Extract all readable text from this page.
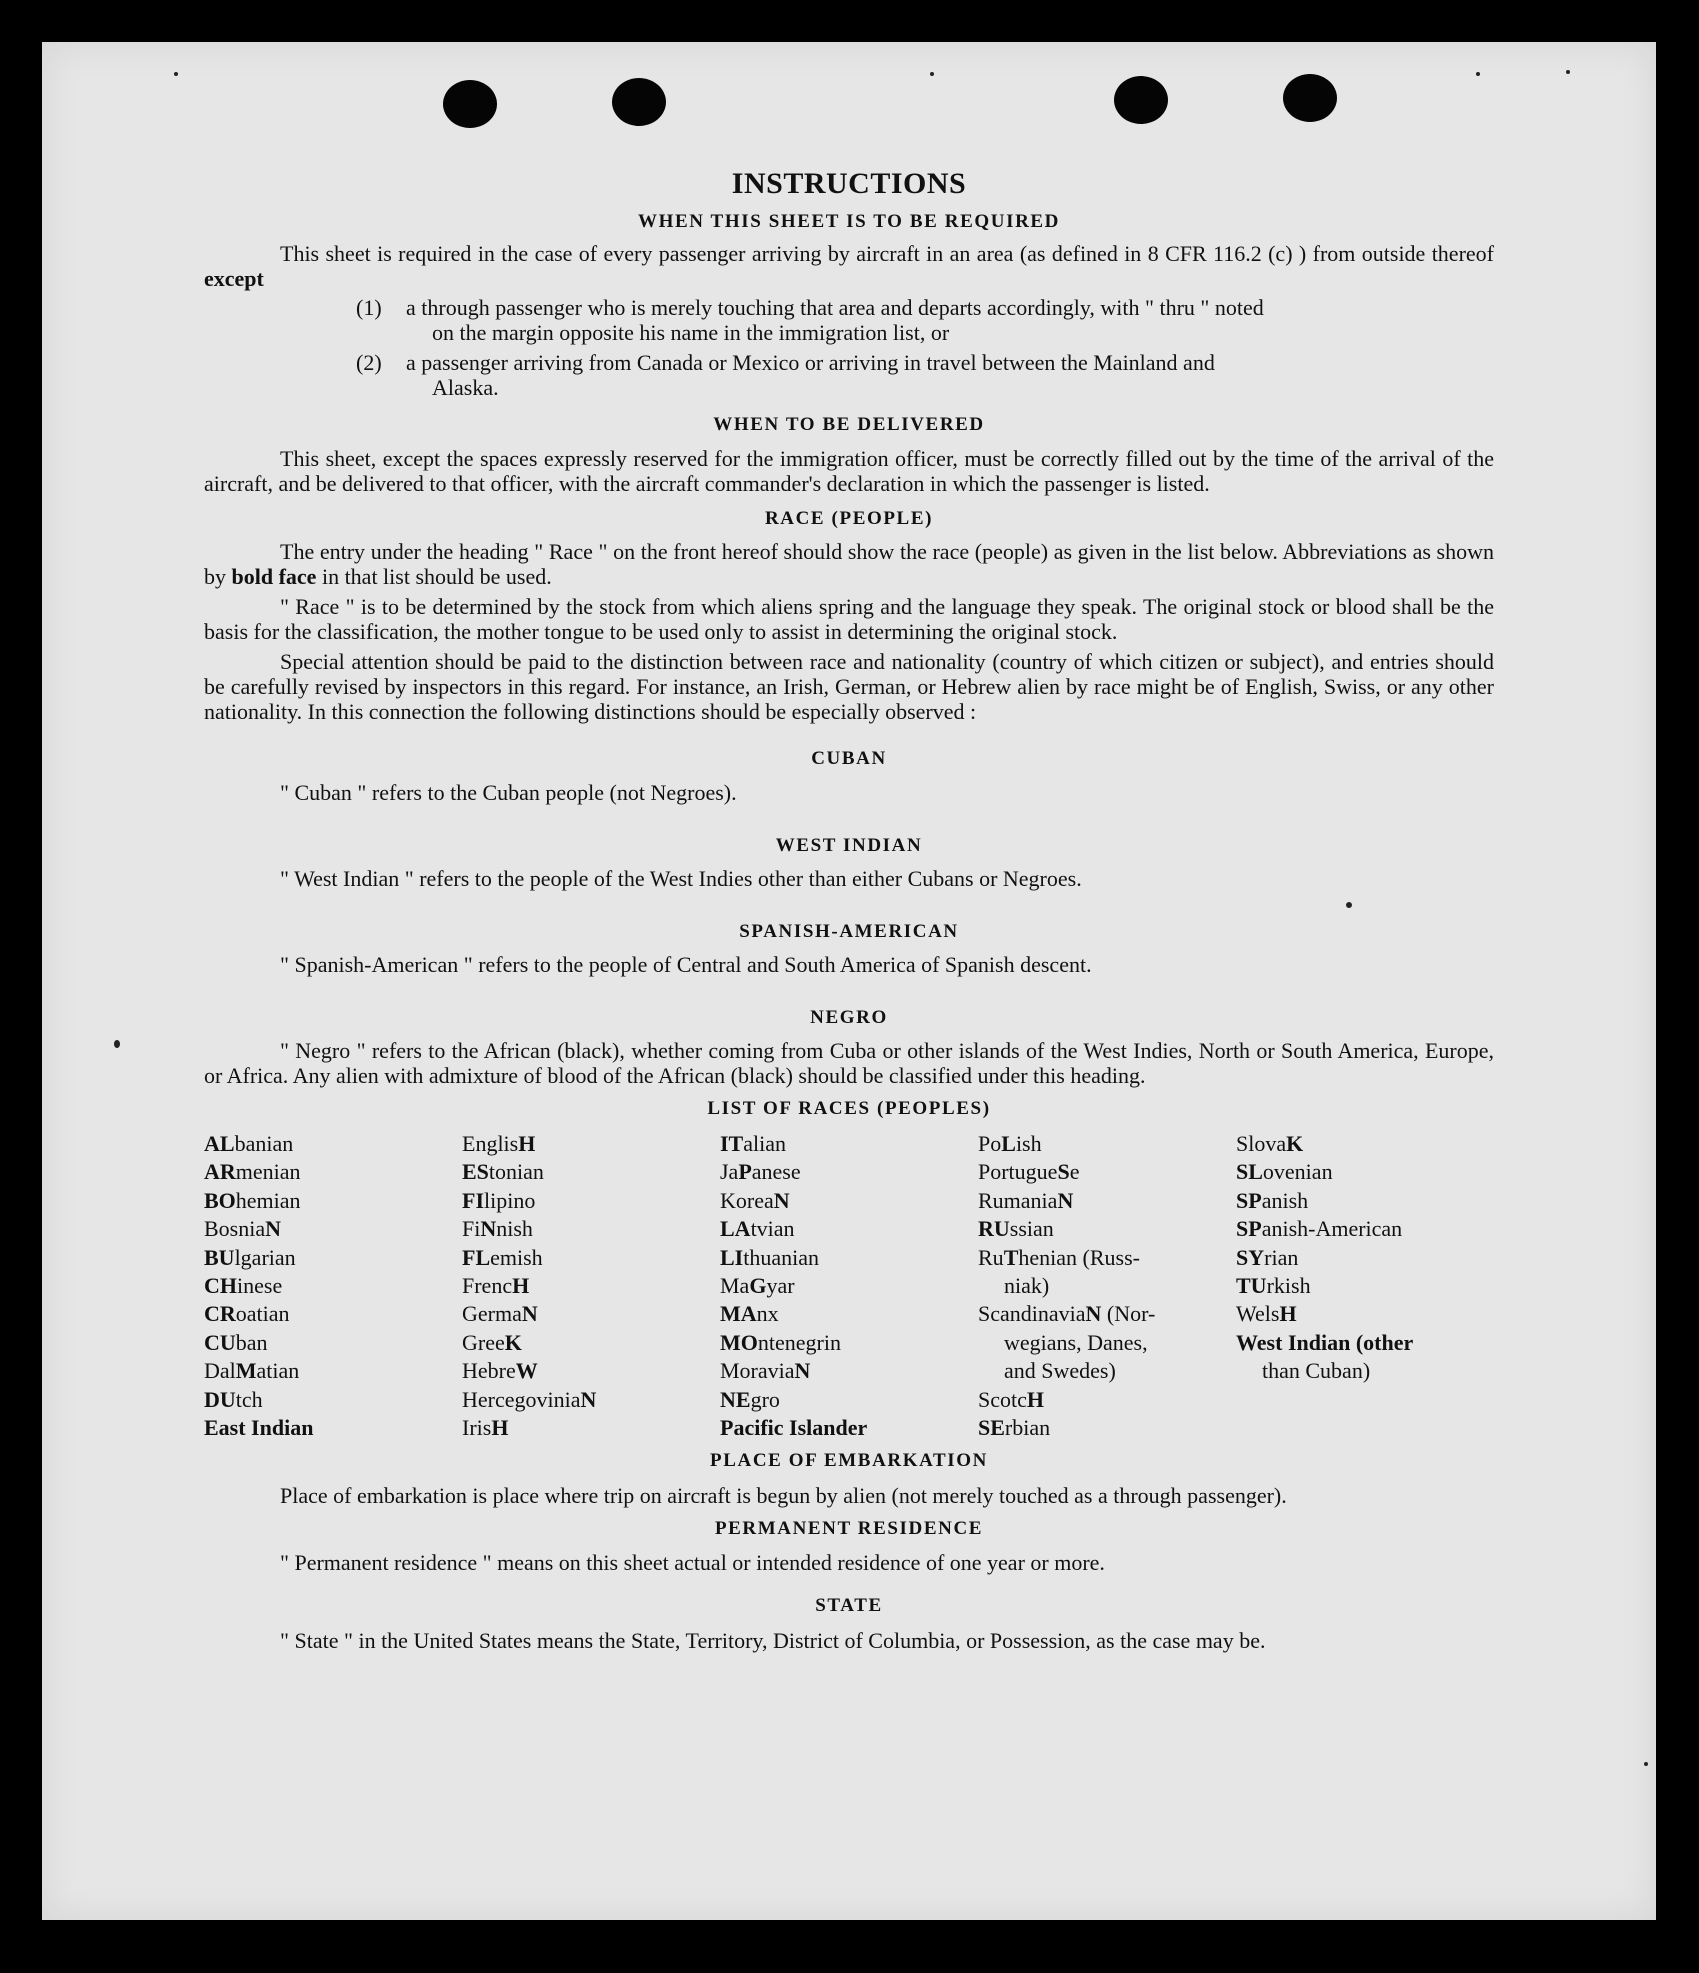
INSTRUCTIONS
WHEN THIS SHEET IS TO BE REQUIRED

This sheet is required in the case of every passenger arriving by aircraft in an area (as defined in 8 CFR 116.2 (c) ) from outside thereof except

(1)	a through passenger who is merely touching that area and departs accordingly, with " thru " noted
on the margin opposite his name in the immigration list, or
(2)	a passenger arriving from Canada or Mexico or arriving in travel between the Mainland and
Alaska.
WHEN TO BE DELIVERED

This sheet, except the spaces expressly reserved for the immigration officer, must be correctly filled out by the time of the arrival of the aircraft, and be delivered to that officer, with the aircraft commander's declaration in which the passenger is listed.

RACE (PEOPLE)

The entry under the heading " Race " on the front hereof should show the race (people) as given in the list below. Abbreviations as shown by bold face in that list should be used.

" Race " is to be determined by the stock from which aliens spring and the language they speak. The original stock or blood shall be the basis for the classification, the mother tongue to be used only to assist in determining the original stock.

Special attention should be paid to the distinction between race and nationality (country of which citizen or subject), and entries should be carefully revised by inspectors in this regard. For instance, an Irish, German, or Hebrew alien by race might be of English, Swiss, or any other nationality. In this connection the following distinctions should be especially observed :

CUBAN

" Cuban " refers to the Cuban people (not Negroes).

WEST INDIAN

" West Indian " refers to the people of the West Indies other than either Cubans or Negroes.

SPANISH-AMERICAN

" Spanish-American " refers to the people of Central and South America of Spanish descent.

NEGRO

" Negro " refers to the African (black), whether coming from Cuba or other islands of the West Indies, North or South America, Europe, or Africa. Any alien with admixture of blood of the African (black) should be classified under this heading.

LIST OF RACES (PEOPLES)
ALbanian
ARmenian
BOhemian
BosniaN
BUlgarian
CHinese
CRoatian
CUban
DalMatian
DUtch
East Indian
EnglisH
EStonian
FIlipino
FiNnish
FLemish
FrencH
GermaN
GreeK
HebreW
HercegoviniaN
IrisH
ITalian
JaPanese
KoreaN
LAtvian
LIthuanian
MaGyar
MAnx
MOntenegrin
MoraviaN
NEgro
Pacific Islander
PoLish
PortugueSe
RumaniaN
RUssian
RuThenian (Russ-
niak)
ScandinaviaN (Nor-
wegians, Danes,
and Swedes)
ScotcH
SErbian
SlovaK
SLovenian
SPanish
SPanish-American
SYrian
TUrkish
WelsH
West Indian (other
than Cuban)
PLACE OF EMBARKATION

Place of embarkation is place where trip on aircraft is begun by alien (not merely touched as a through passenger).

PERMANENT RESIDENCE

" Permanent residence " means on this sheet actual or intended residence of one year or more.

STATE

" State " in the United States means the State, Territory, District of Columbia, or Possession, as the case may be.
